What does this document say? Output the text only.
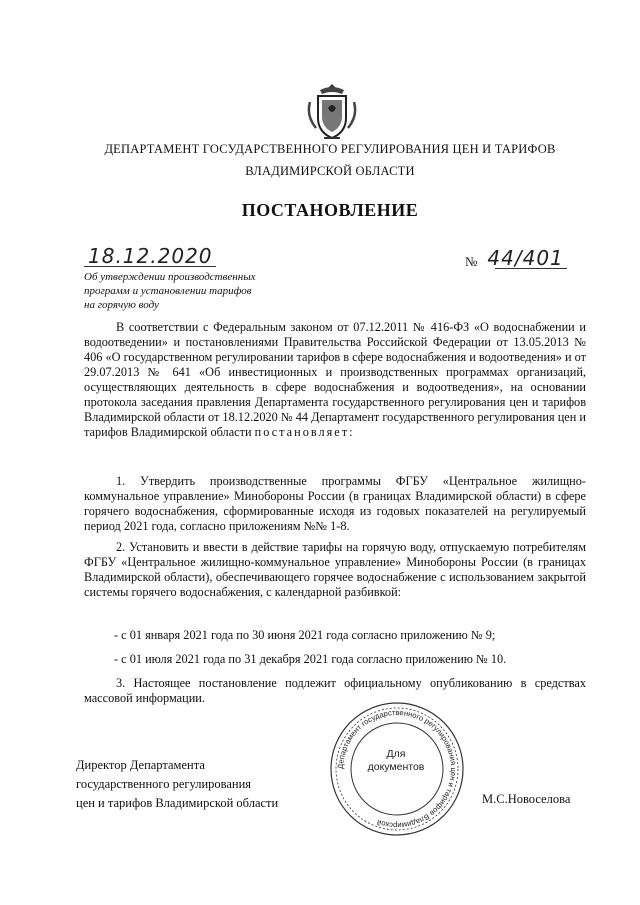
ДЕПАРТАМЕНТ ГОСУДАРСТВЕННОГО РЕГУЛИРОВАНИЯ ЦЕН И ТАРИФОВ
ВЛАДИМИРСКОЙ ОБЛАСТИ
ПОСТАНОВЛЕНИЕ
18.12.2020	№ 44/401
Об утверждении производственных
программ и установлении тарифов
на горячую воду
В соответствии с Федеральным законом от 07.12.2011 № 416-ФЗ «О водоснабжении и водоотведении» и постановлениями Правительства Российской Федерации от 13.05.2013 № 406 «О государственном регулировании тарифов в сфере водоснабжения и водоотведения» и от 29.07.2013 № 641 «Об инвестиционных и производственных программах организаций, осуществляющих деятельность в сфере водоснабжения и водоотведения», на основании протокола заседания правления Департамента государственного регулирования цен и тарифов Владимирской области от 18.12.2020 № 44 Департамент государственного регулирования цен и тарифов Владимирской области постановляет:
1. Утвердить производственные программы ФГБУ «Центральное жилищно-коммунальное управление» Минобороны России (в границах Владимирской области) в сфере горячего водоснабжения, сформированные исходя из годовых показателей на регулируемый период 2021 года, согласно приложениям №№ 1-8.
2. Установить и ввести в действие тарифы на горячую воду, отпускаемую потребителям ФГБУ «Центральное жилищно-коммунальное управление» Минобороны России (в границах Владимирской области), обеспечивающего горячее водоснабжение с использованием закрытой системы горячего водоснабжения, с календарной разбивкой:
- с 01 января 2021 года по 30 июня 2021 года согласно приложению № 9;
- с 01 июля 2021 года по 31 декабря 2021 года согласно приложению № 10.
3. Настоящее постановление подлежит официальному опубликованию в средствах массовой информации.
Директор Департамента
государственного регулирования
цен и тарифов Владимирской области	М.С.Новоселова
Департамент государственного регулирования цен и тарифов Владимирской
Для
документов
